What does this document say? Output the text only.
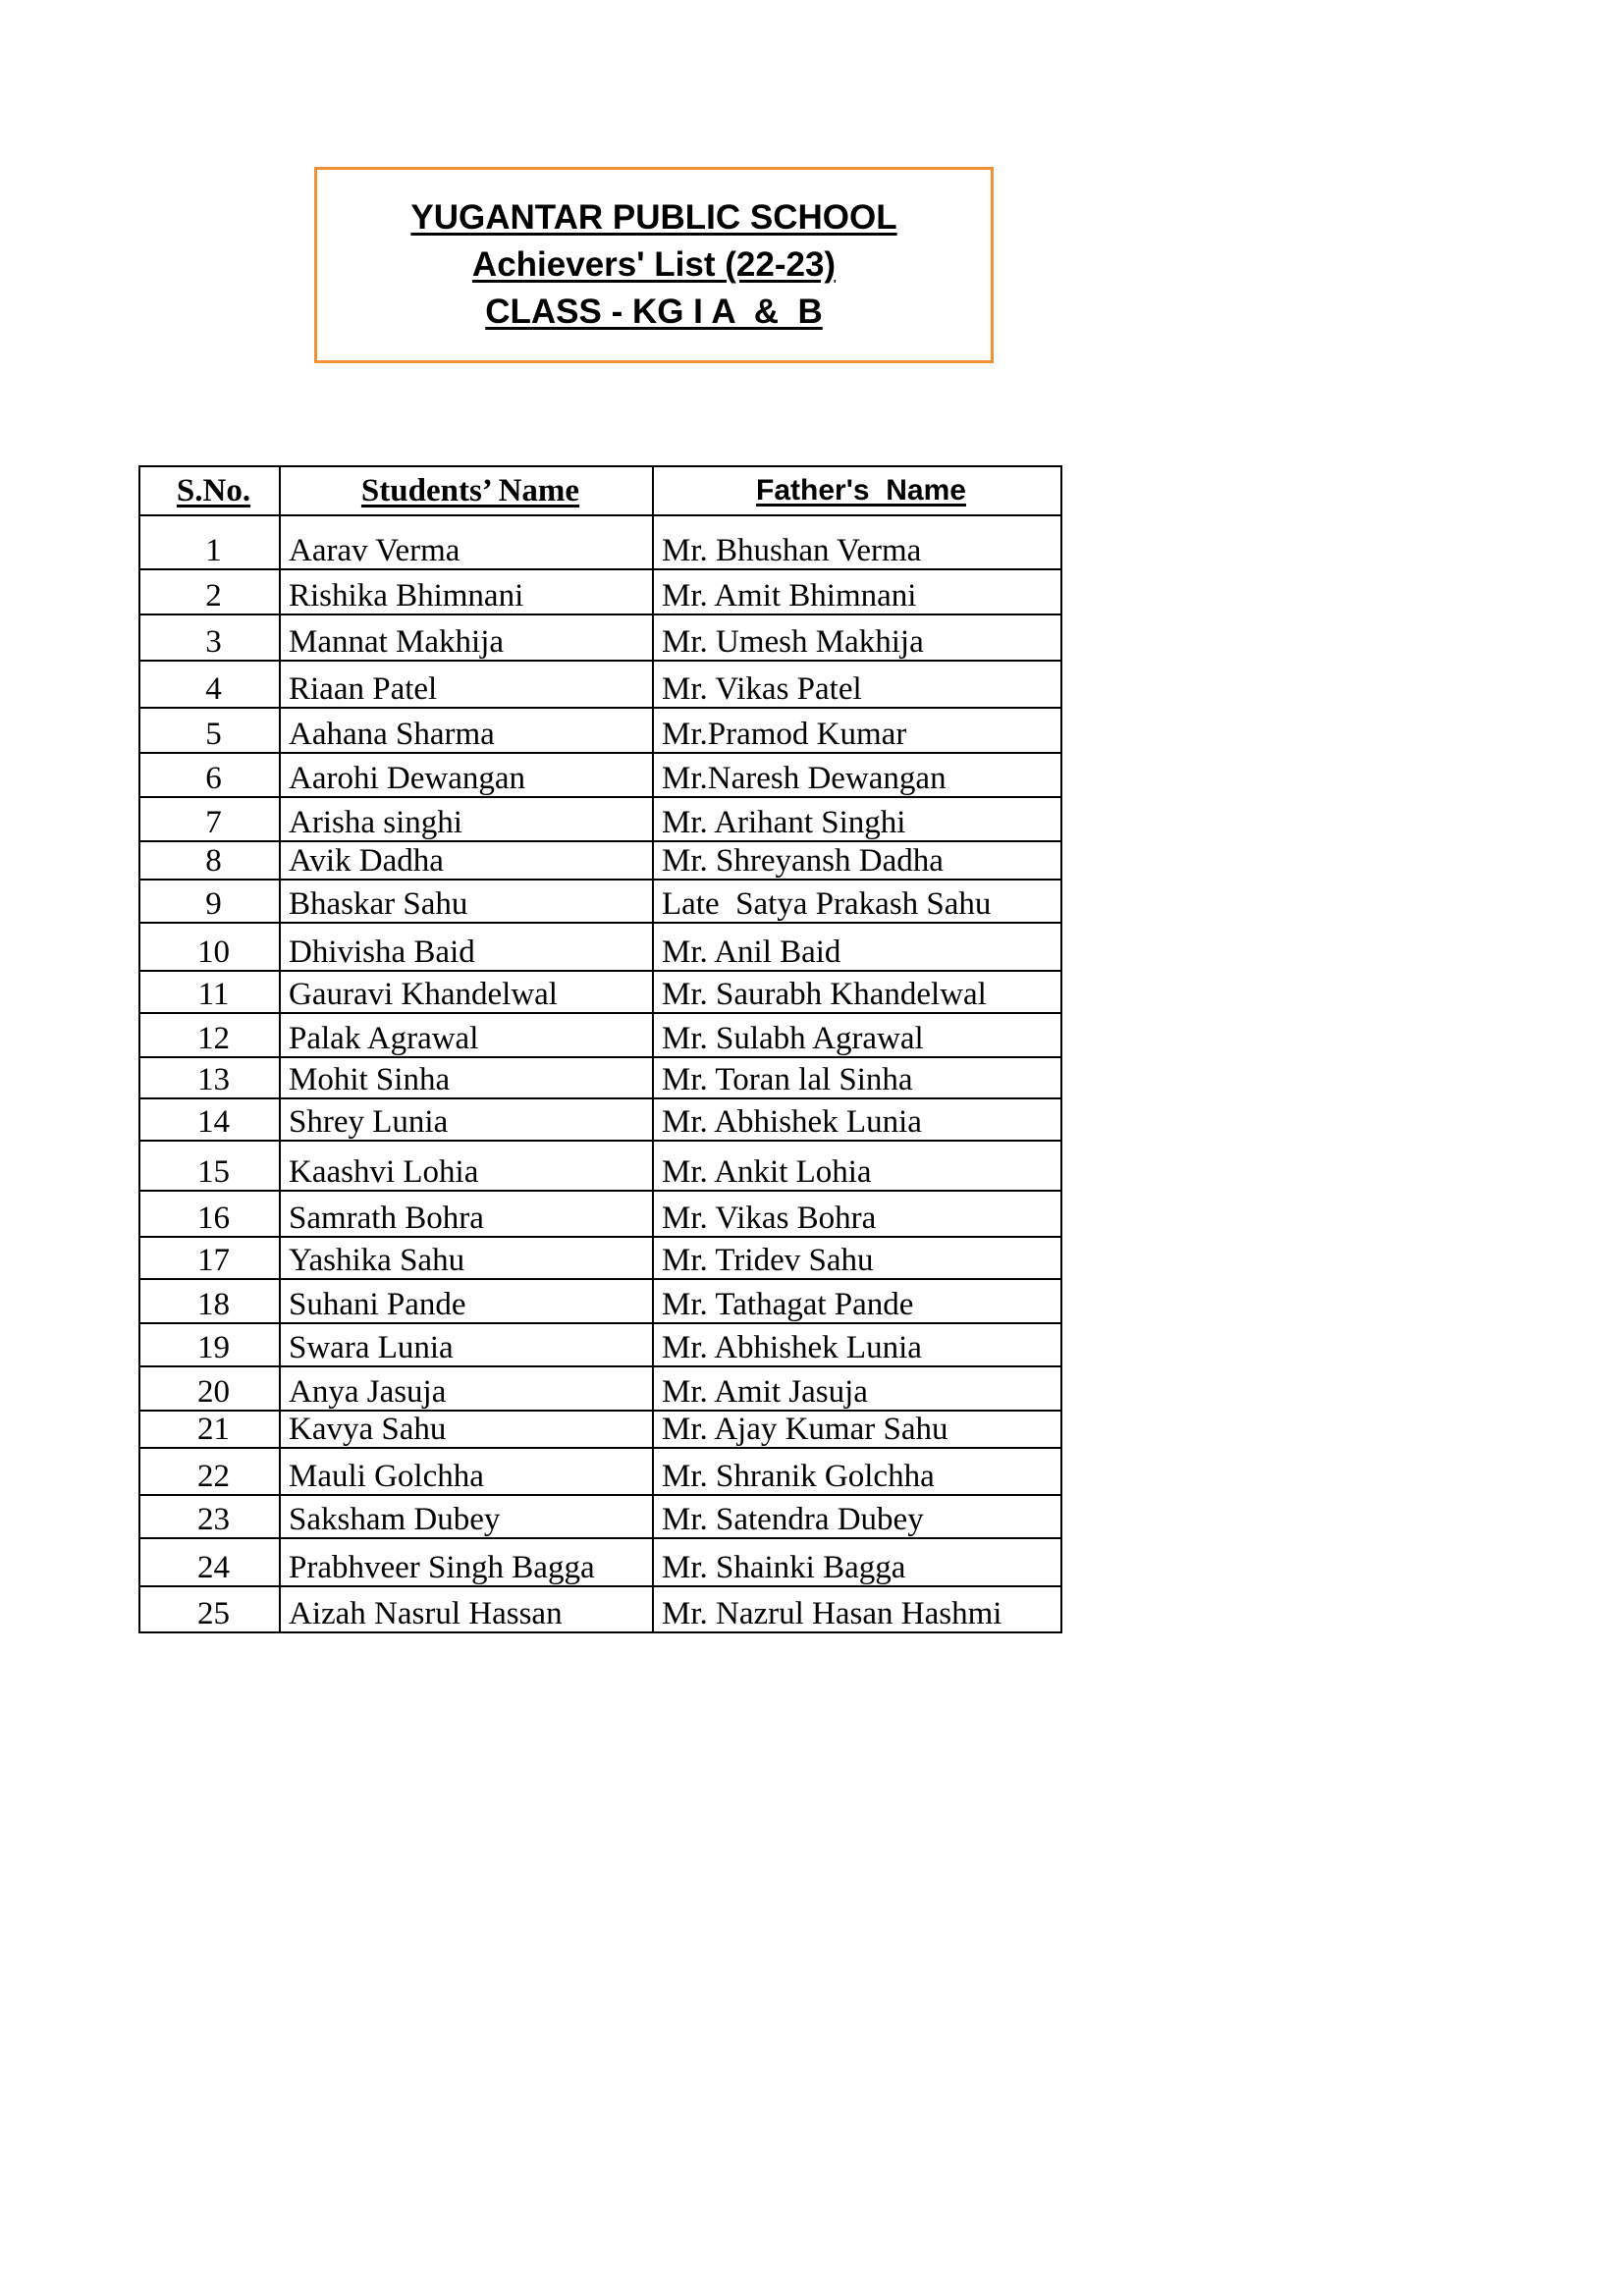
YUGANTAR PUBLIC SCHOOL
Achievers' List (22-23)
CLASS - KG I A  &  B
S.No.	Students’ Name	Father's  Name
1	Aarav Verma	Mr. Bhushan Verma
2	Rishika Bhimnani	Mr. Amit Bhimnani
3	Mannat Makhija	Mr. Umesh Makhija
4	Riaan Patel	Mr. Vikas Patel
5	Aahana Sharma	Mr.Pramod Kumar
6	Aarohi Dewangan	Mr.Naresh Dewangan
7	Arisha singhi	Mr. Arihant Singhi
8	Avik Dadha	Mr. Shreyansh Dadha
9	Bhaskar Sahu	Late  Satya Prakash Sahu
10	Dhivisha Baid	Mr. Anil Baid
11	Gauravi Khandelwal	Mr. Saurabh Khandelwal
12	Palak Agrawal	Mr. Sulabh Agrawal
13	Mohit Sinha	Mr. Toran lal Sinha
14	Shrey Lunia	Mr. Abhishek Lunia
15	Kaashvi Lohia	Mr. Ankit Lohia
16	Samrath Bohra	Mr. Vikas Bohra
17	Yashika Sahu	Mr. Tridev Sahu
18	Suhani Pande	Mr. Tathagat Pande
19	Swara Lunia	Mr. Abhishek Lunia
20	Anya Jasuja	Mr. Amit Jasuja
21	Kavya Sahu	Mr. Ajay Kumar Sahu
22	Mauli Golchha	Mr. Shranik Golchha
23	Saksham Dubey	Mr. Satendra Dubey
24	Prabhveer Singh Bagga	Mr. Shainki Bagga
25	Aizah Nasrul Hassan	Mr. Nazrul Hasan Hashmi
